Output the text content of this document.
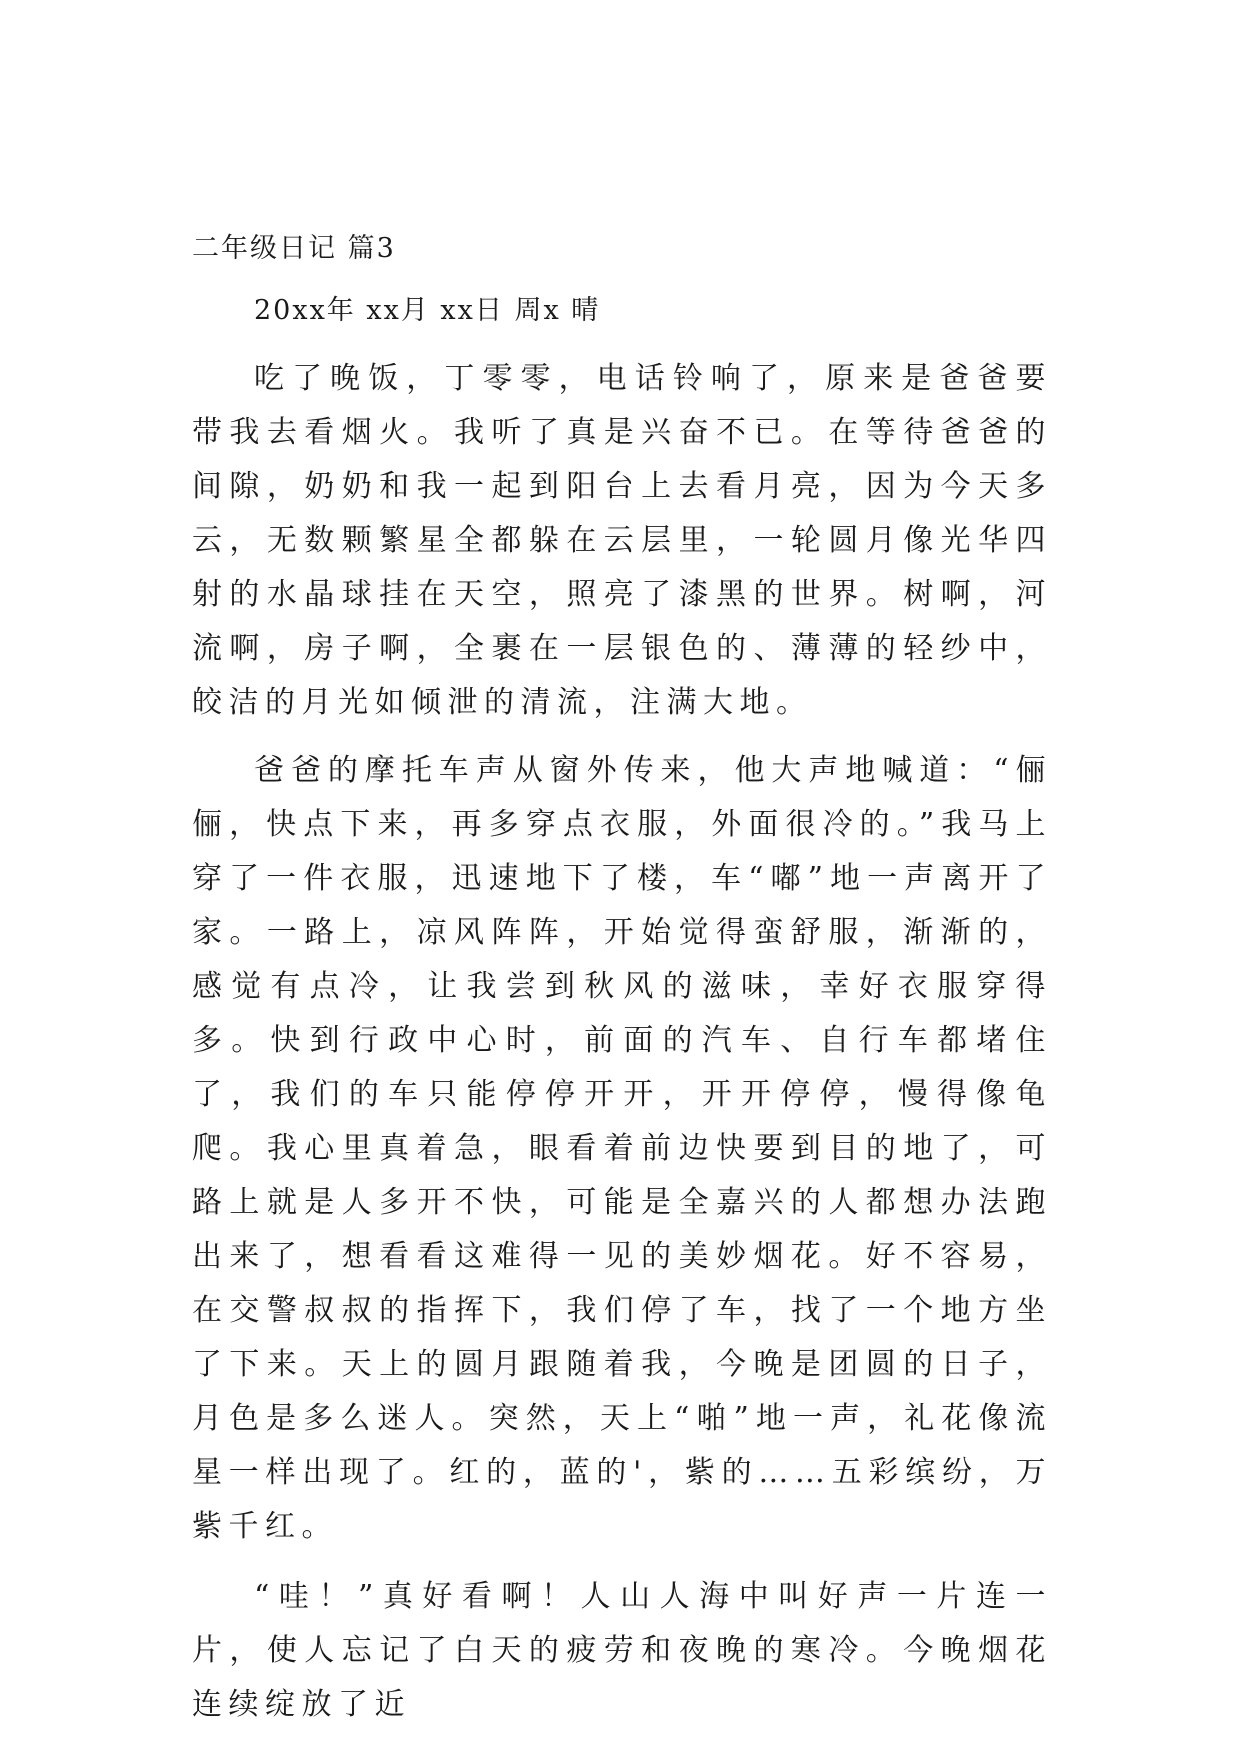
二年级日记 篇3

20xx年 xx月 xx日 周x 晴

吃了晚饭，丁零零，电话铃响了，原来是爸爸要带我去看烟火。我听了真是兴奋不已。在等待爸爸的间隙，奶奶和我一起到阳台上去看月亮，因为今天多云，无数颗繁星全都躲在云层里，一轮圆月像光华四射的水晶球挂在天空，照亮了漆黑的世界。树啊，河流啊，房子啊，全裹在一层银色的、薄薄的轻纱中，皎洁的月光如倾泄的清流，注满大地。

爸爸的摩托车声从窗外传来，他大声地喊道：“俪俪，快点下来，再多穿点衣服，外面很冷的。”我马上穿了一件衣服，迅速地下了楼，车“嘟”地一声离开了家。一路上，凉风阵阵，开始觉得蛮舒服，渐渐的，感觉有点冷，让我尝到秋风的滋味，幸好衣服穿得多。快到行政中心时，前面的汽车、自行车都堵住了，我们的车只能停停开开，开开停停，慢得像龟爬。我心里真着急，眼看着前边快要到目的地了，可路上就是人多开不快，可能是全嘉兴的人都想办法跑出来了，想看看这难得一见的美妙烟花。好不容易，在交警叔叔的指挥下，我们停了车，找了一个地方坐了下来。天上的圆月跟随着我，今晚是团圆的日子，月色是多么迷人。突然，天上“啪”地一声，礼花像流星一样出现了。红的，蓝的'，紫的……五彩缤纷，万紫千红。

“哇！”真好看啊！人山人海中叫好声一片连一片，使人忘记了白天的疲劳和夜晚的寒冷。今晚烟花连续绽放了近
